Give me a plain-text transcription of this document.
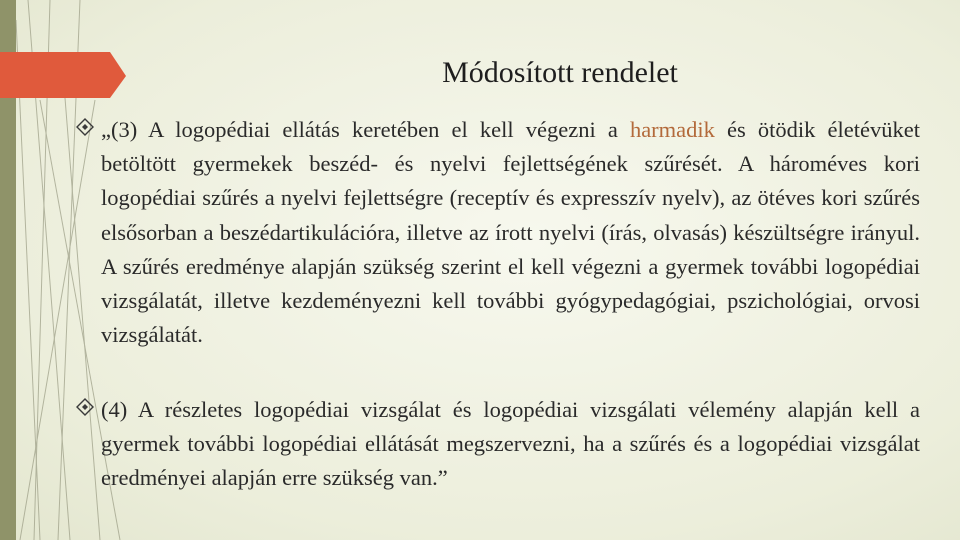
Módosított rendelet
„(3) A logopédiai ellátás keretében el kell végezni a harmadik és ötödik életévüket betöltött gyermekek beszéd- és nyelvi fejlettségének szűrését. A hároméves kori logopédiai szűrés a nyelvi fejlettségre (receptív és expresszív nyelv), az ötéves kori szűrés elsősorban a beszédartikulációra, illetve az írott nyelvi (írás, olvasás) készültségre irányul. A szűrés eredménye alapján szükség szerint el kell végezni a gyermek további logopédiai vizsgálatát, illetve kezdeményezni kell további gyógypedagógiai, pszichológiai, orvosi vizsgálatát.
(4) A részletes logopédiai vizsgálat és logopédiai vizsgálati vélemény alapján kell a gyermek további logopédiai ellátását megszervezni, ha a szűrés és a logopédiai vizsgálat eredményei alapján erre szükség van.”
